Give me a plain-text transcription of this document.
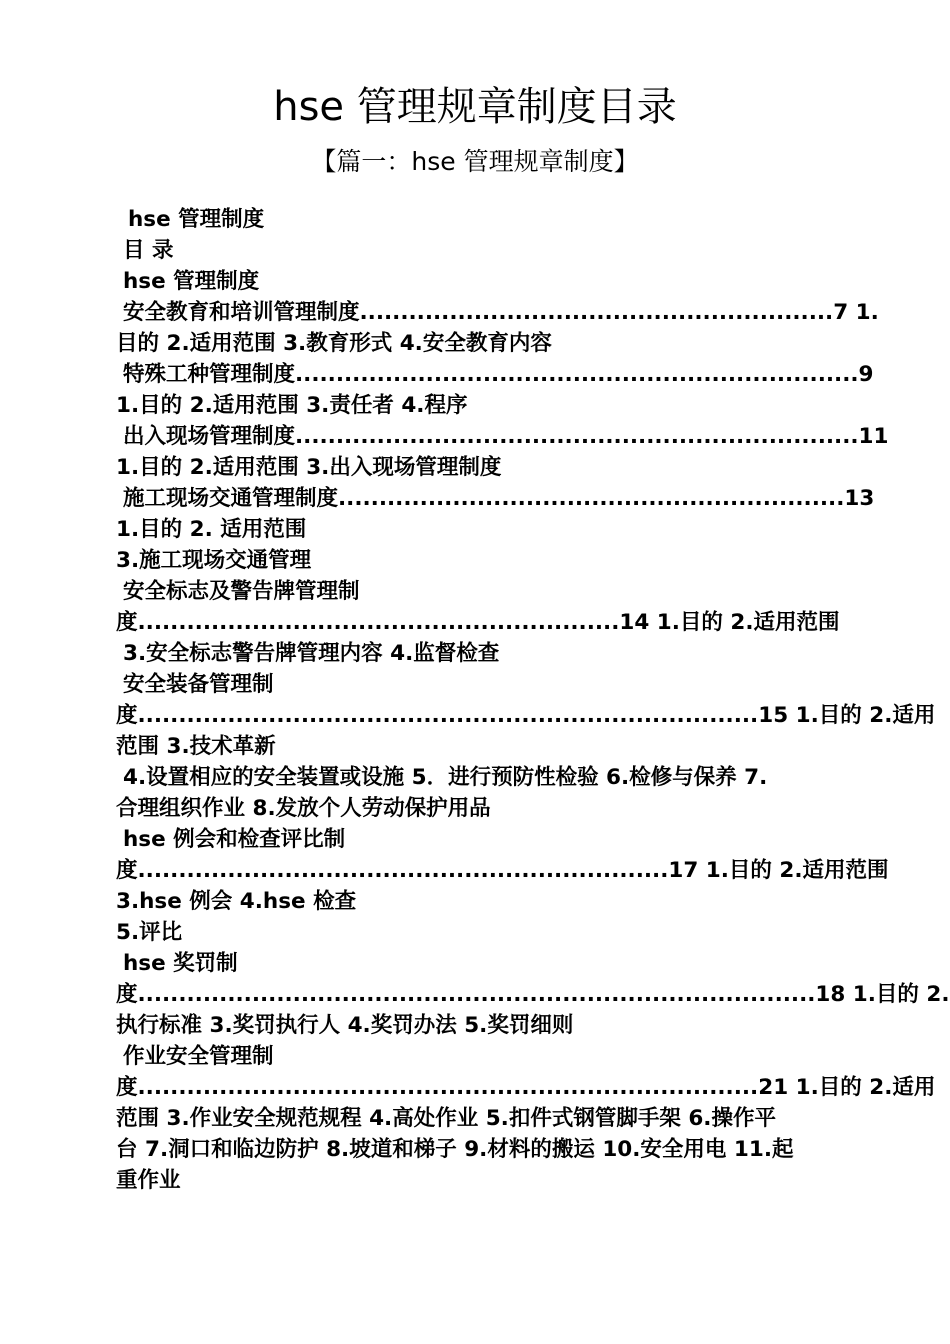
hse 管理规章制度目录
【篇一：hse 管理规章制度】
hse 管理制度
目 录
hse 管理制度
安全教育和培训管理制度..........................................................7 1.
目的 2.适用范围 3.教育形式 4.安全教育内容
特殊工种管理制度.....................................................................9
1.目的 2.适用范围 3.责任者 4.程序
出入现场管理制度.....................................................................11
1.目的 2.适用范围 3.出入现场管理制度
施工现场交通管理制度..............................................................13
1.目的 2. 适用范围
3.施工现场交通管理
安全标志及警告牌管理制
度...........................................................14 1.目的 2.适用范围
3.安全标志警告牌管理内容 4.监督检查
安全装备管理制
度............................................................................15 1.目的 2.适用
范围 3.技术革新
4.设置相应的安全装置或设施 5．进行预防性检验 6.检修与保养 7.
合理组织作业 8.发放个人劳动保护用品
hse 例会和检查评比制
度.................................................................17 1.目的 2.适用范围
3.hse 例会 4.hse 检查
5.评比
hse 奖罚制
度...................................................................................18 1.目的 2.
执行标准 3.奖罚执行人 4.奖罚办法 5.奖罚细则
作业安全管理制
度............................................................................21 1.目的 2.适用
范围 3.作业安全规范规程 4.高处作业 5.扣件式钢管脚手架 6.操作平
台 7.洞口和临边防护 8.坡道和梯子 9.材料的搬运 10.安全用电 11.起
重作业
